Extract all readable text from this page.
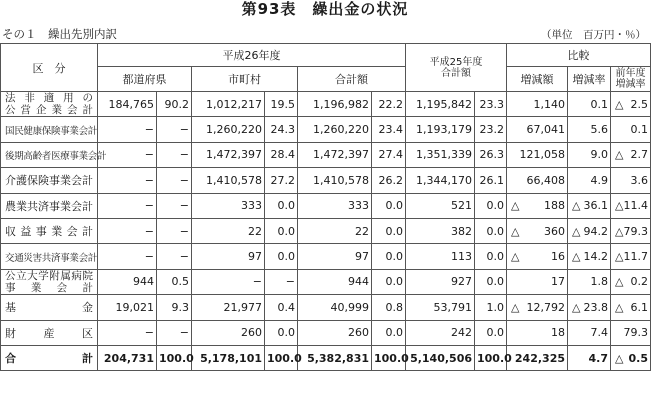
第93表　繰出金の状況
その１　繰出先別内訳	（単位　百万円・％）
区　分	平成26年度						平成25年度
合計額		比較		
	都道府県		市町村		合計額				増減額	増減率	前年度
増減率

法非適用の
公営企業会計	184,765	90.2	1,012,217	19.5	1,196,982	22.2	1,195,842	23.3	1,140	0.1	△ 2.5
国民健康保険事業会計	−	−	1,260,220	24.3	1,260,220	23.4	1,193,179	23.2	67,041	5.6	0.1
後期高齢者医療事業会計	−	−	1,472,397	28.4	1,472,397	27.4	1,351,339	26.3	121,058	9.0	△ 2.7
介護保険事業会計	−	−	1,410,578	27.2	1,410,578	26.2	1,344,170	26.1	66,408	4.9	3.6
農業共済事業会計	−	−	333	0.0	333	0.0	521	0.0	△ 188	△ 36.1	△ 11.4
収益事業会計	−	−	22	0.0	22	0.0	382	0.0	△ 360	△ 94.2	△ 79.3
交通災害共済事業会計	−	−	97	0.0	97	0.0	113	0.0	△ 16	△ 14.2	△ 11.7

公立大学附属病院
事業会計	944	0.5	−	−	944	0.0	927	0.0	17	1.8	△ 0.2
基金	19,021	9.3	21,977	0.4	40,999	0.8	53,791	1.0	△ 12,792	△ 23.8	△ 6.1
財産区	−	−	260	0.0	260	0.0	242	0.0	18	7.4	79.3
合計	204,731	100.0	5,178,101	100.0	5,382,831	100.0	5,140,506	100.0	242,325	4.7	△ 0.5
